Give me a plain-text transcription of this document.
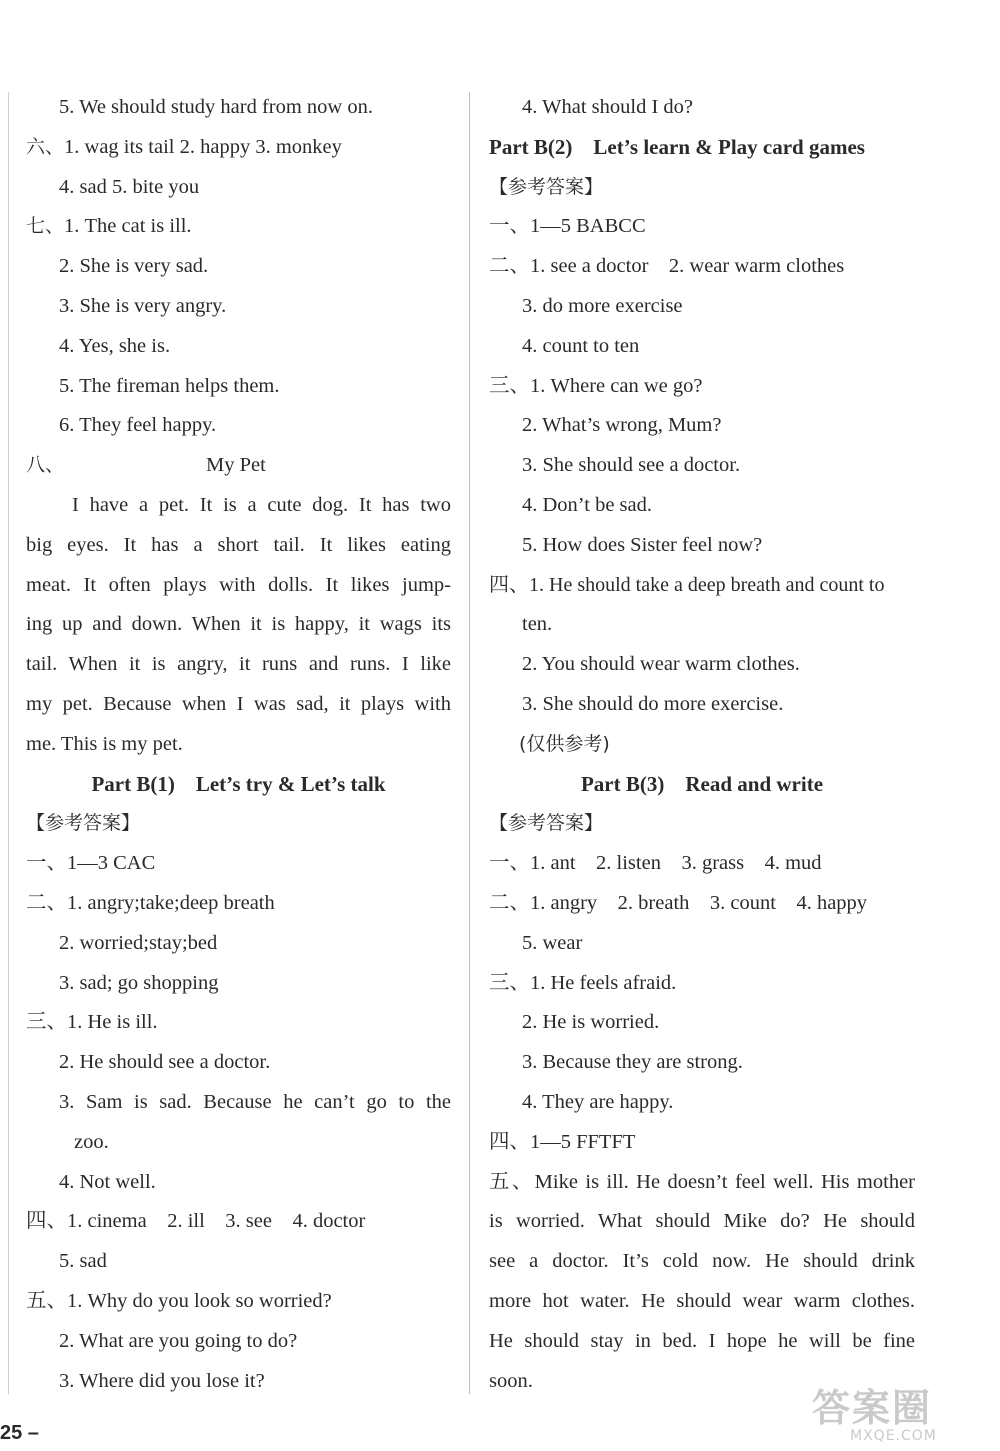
5. We should study hard from now on.
六、1. wag its tail 2. happy 3. monkey
4. sad 5. bite you
七、1. The cat is ill.
2. She is very sad.
3. She is very angry.
4. Yes, she is.
5. The fireman helps them.
6. They feel happy.
八、	My Pet
I have a pet. It is a cute dog. It has two
big eyes. It has a short tail. It likes eating
meat. It often plays with dolls. It likes jump-
ing up and down. When it is happy, it wags its
tail. When it is angry, it runs and runs. I like
my pet. Because when I was sad, it plays with
me. This is my pet.
Part B(1)    Let’s try & Let’s talk
【参考答案】
一、1—3 CAC
二、1. angry;take;deep breath
2. worried;stay;bed
3. sad; go shopping
三、1. He is ill.
2. He should see a doctor.
3. Sam is sad. Because he can’t go to the
zoo.
4. Not well.
四、1. cinema    2. ill    3. see    4. doctor
5. sad
五、1. Why do you look so worried?
2. What are you going to do?
3. Where did you lose it?
4. What should I do?
Part B(2)    Let’s learn & Play card games
【参考答案】
一、1—5 BABCC
二、1. see a doctor    2. wear warm clothes
3. do more exercise
4. count to ten
三、1. Where can we go?
2. What’s wrong, Mum?
3. She should see a doctor.
4. Don’t be sad.
5. How does Sister feel now?
四、1. He should take a deep breath and count to
ten.
2. You should wear warm clothes.
3. She should do more exercise.
(仅供参考)
Part B(3)    Read and write
【参考答案】
一、1. ant    2. listen    3. grass    4. mud
二、1. angry    2. breath    3. count    4. happy
5. wear
三、1. He feels afraid.
2. He is worried.
3. Because they are strong.
4. They are happy.
四、1—5 FFTFT
五、Mike is ill. He doesn’t feel well. His mother
is worried. What should Mike do? He should
see a doctor. It’s cold now. He should drink
more hot water. He should wear warm clothes.
He should stay in bed. I hope he will be fine
soon.
25 –
答案圈
MXQE.COM
